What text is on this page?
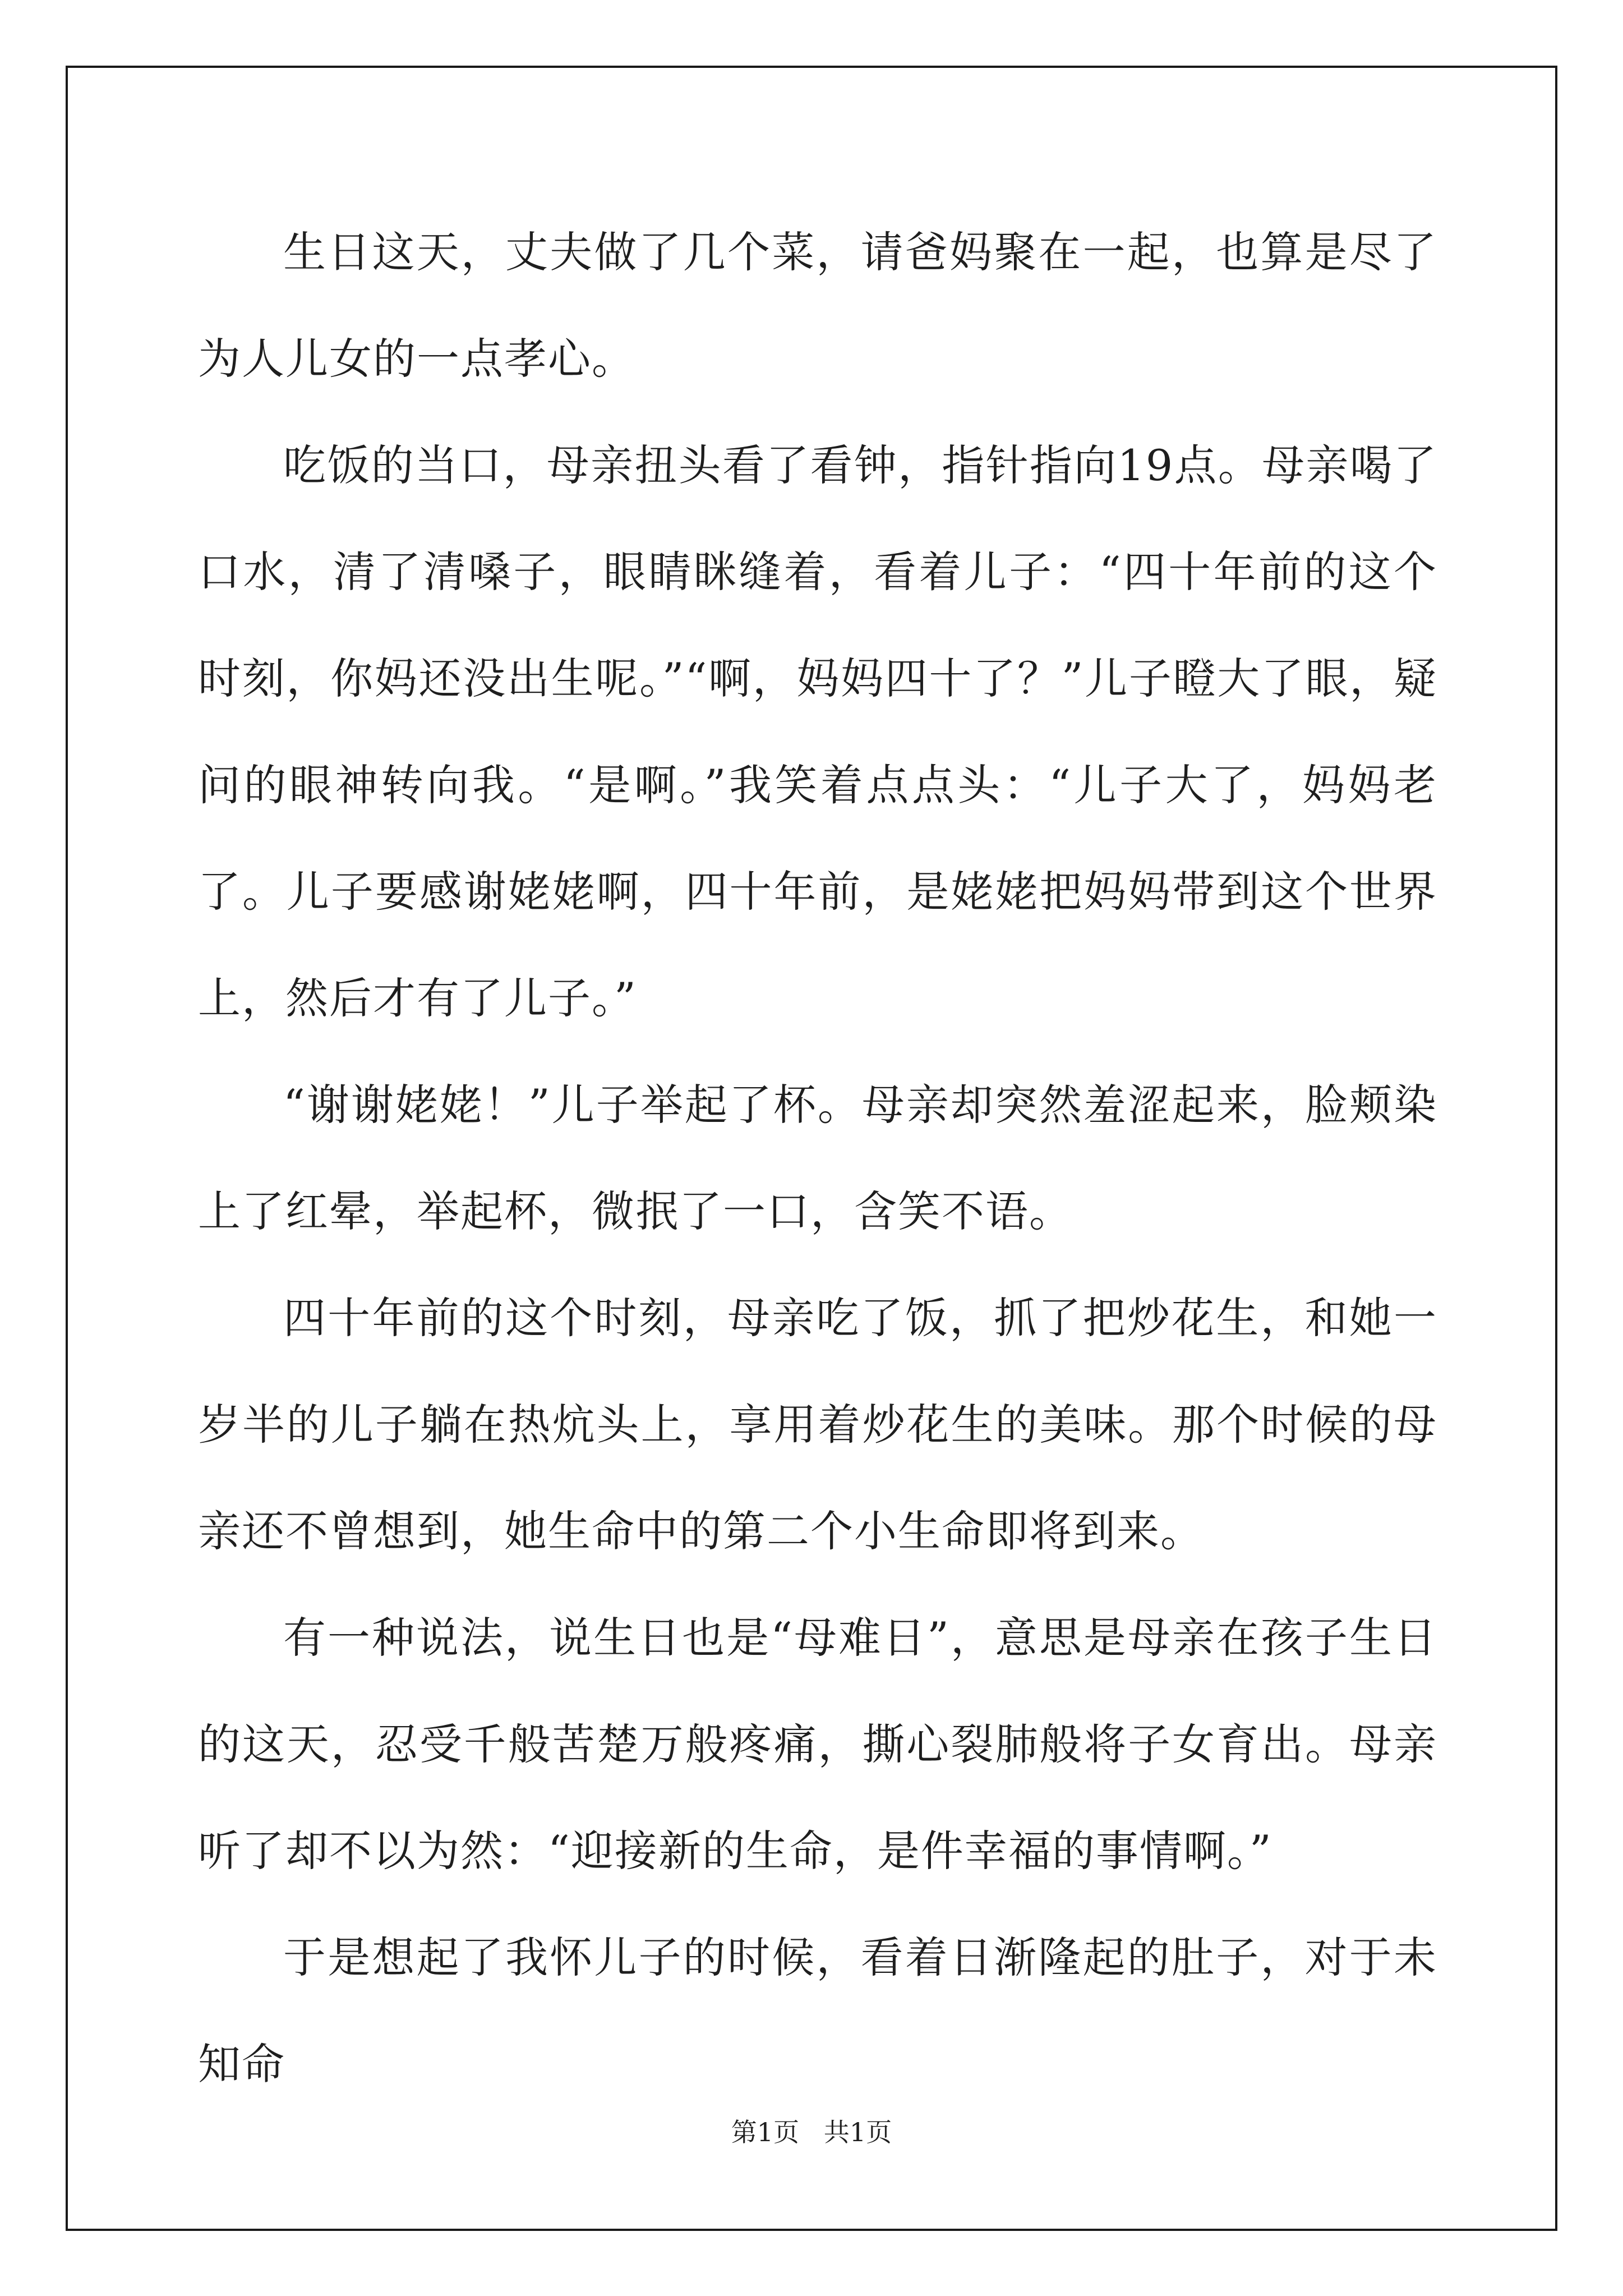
生日这天，丈夫做了几个菜，请爸妈聚在一起，也算是尽了为人儿女的一点孝心。

吃饭的当口，母亲扭头看了看钟，指针指向19点。母亲喝了口水，清了清嗓子，眼睛眯缝着，看着儿子：“四十年前的这个时刻，你妈还没出生呢。”“啊，妈妈四十了？”儿子瞪大了眼，疑问的眼神转向我。“是啊。”我笑着点点头：“儿子大了，妈妈老了。儿子要感谢姥姥啊，四十年前，是姥姥把妈妈带到这个世界上，然后才有了儿子。”

“谢谢姥姥！”儿子举起了杯。母亲却突然羞涩起来，脸颊染上了红晕，举起杯，微抿了一口，含笑不语。

四十年前的这个时刻，母亲吃了饭，抓了把炒花生，和她一岁半的儿子躺在热炕头上，享用着炒花生的美味。那个时候的母亲还不曾想到，她生命中的第二个小生命即将到来。

有一种说法，说生日也是“母难日”，意思是母亲在孩子生日的这天，忍受千般苦楚万般疼痛，撕心裂肺般将子女育出。母亲听了却不以为然：“迎接新的生命，是件幸福的事情啊。”

于是想起了我怀儿子的时候，看着日渐隆起的肚子，对于未知命

第1页   共1页
